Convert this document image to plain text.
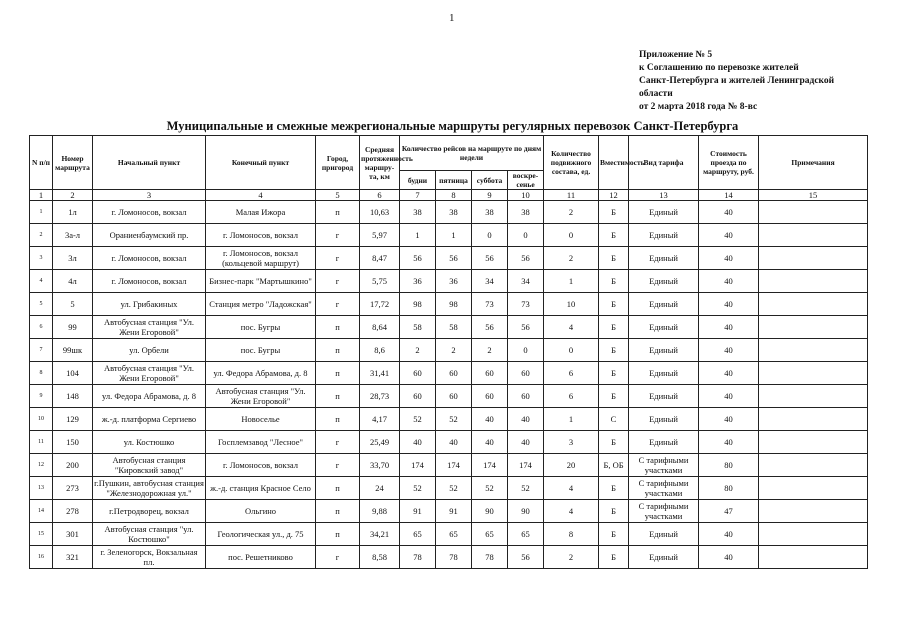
1
Приложение № 5
к Соглашению по перевозке жителей
Санкт-Петербурга и жителей Ленинградской
области
от 2 марта 2018 года № 8-вс
Муниципальные и смежные межрегиональные маршруты регулярных перевозок Санкт-Петербурга
N п/п	Номер маршрута	Начальный пункт	Конечный пункт	Город, пригород	Средняя протяженность маршру-та, км	Количество рейсов на маршруте по дням недели				Количество подвижного состава, ед.	Вместимость	Вид тарифа	Стоимость проезда по маршруту, руб.	Примечания
						будни	пятница	суббота	воскре-сенье					
1	2	3	4	5	6	7	8	9	10	11	12	13	14	15
1	1л	г. Ломоносов, вокзал	Малая Ижора	п	10,63	38	38	38	38	2	Б	Единый	40	
2	3а-л	Ораниенбаумский пр.	г. Ломоносов, вокзал	г	5,97	1	1	0	0	0	Б	Единый	40	
3	3л	г. Ломоносов, вокзал	г. Ломоносов, вокзал (кольцевой маршрут)	г	8,47	56	56	56	56	2	Б	Единый	40	
4	4л	г. Ломоносов, вокзал	Бизнес-парк "Мартышкино"	г	5,75	36	36	34	34	1	Б	Единый	40	
5	5	ул. Грибакиных	Станция метро "Ладожская"	г	17,72	98	98	73	73	10	Б	Единый	40	
6	99	Автобусная станция "Ул. Жени Егоровой"	пос. Бугры	п	8,64	58	58	56	56	4	Б	Единый	40	
7	99шк	ул. Орбели	пос. Бугры	п	8,6	2	2	2	0	0	Б	Единый	40	
8	104	Автобусная станция "Ул. Жени Егоровой"	ул. Федора Абрамова, д. 8	п	31,41	60	60	60	60	6	Б	Единый	40	
9	148	ул. Федора Абрамова, д. 8	Автобусная станция "Ул. Жени Егоровой"	п	28,73	60	60	60	60	6	Б	Единый	40	
10	129	ж.-д. платформа Сергиево	Новоселье	п	4,17	52	52	40	40	1	С	Единый	40	
11	150	ул. Костюшко	Госплемзавод "Лесное"	г	25,49	40	40	40	40	3	Б	Единый	40	
12	200	Автобусная станция "Кировский завод"	г. Ломоносов, вокзал	г	33,70	174	174	174	174	20	Б, ОБ	С тарифными участками	80	
13	273	г.Пушкин, автобусная станция "Железнодорожная ул."	ж.-д. станция Красное Село	п	24	52	52	52	52	4	Б	С тарифными участками	80	
14	278	г.Петродворец, вокзал	Ольгино	п	9,88	91	91	90	90	4	Б	С тарифными участками	47	
15	301	Автобусная станция "ул. Костюшко"	Геологическая ул., д. 75	п	34,21	65	65	65	65	8	Б	Единый	40	
16	321	г. Зеленогорск, Вокзальная пл.	пос. Решетниково	г	8,58	78	78	78	56	2	Б	Единый	40	
